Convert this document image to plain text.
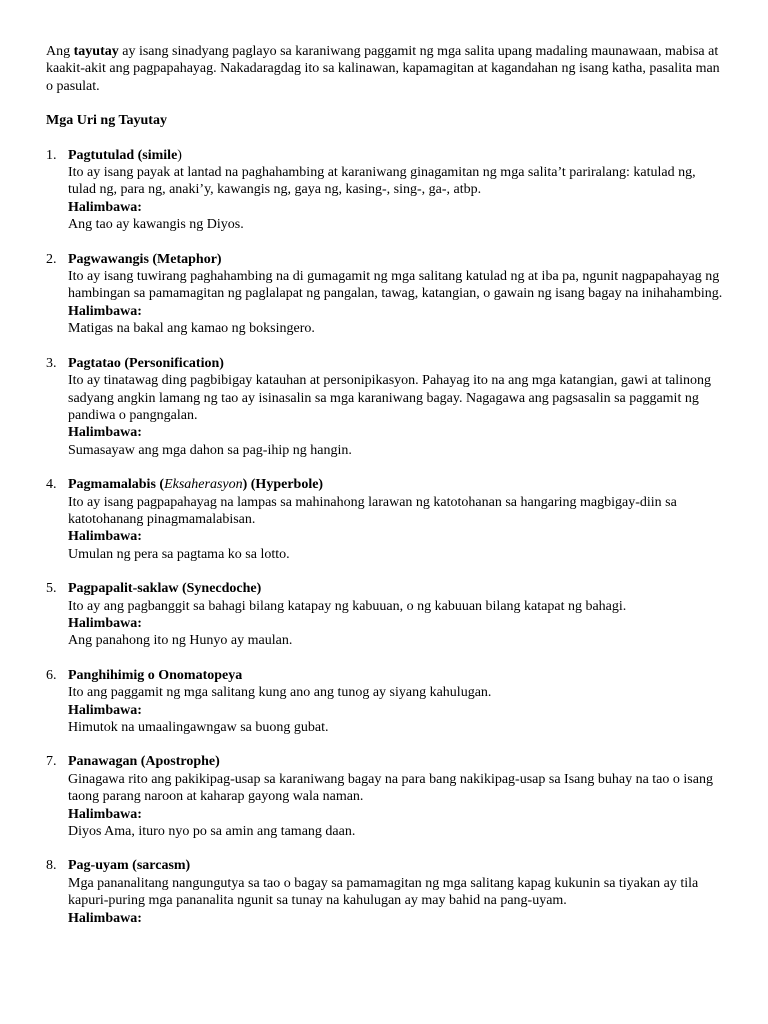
Ang tayutay ay isang sinadyang paglayo sa karaniwang paggamit ng mga salita upang madaling maunawaan, mabisa at kaakit-akit ang pagpapahayag. Nakadaragdag ito sa kalinawan, kapamagitan at kagandahan ng isang katha, pasalita man o pasulat.

Mga Uri ng Tayutay
1. Pagtutulad (simile)
Ito ay isang payak at lantad na paghahambing at karaniwang ginagamitan ng mga salita’t pariralang: katulad ng, tulad ng, para ng, anaki’y, kawangis ng, gaya ng, kasing-, sing-, ga-, atbp.
Halimbawa:
Ang tao ay kawangis ng Diyos.
2. Pagwawangis (Metaphor)
Ito ay isang tuwirang paghahambing na di gumagamit ng mga salitang katulad ng at iba pa, ngunit nagpapahayag ng hambingan sa pamamagitan ng paglalapat ng pangalan, tawag, katangian, o gawain ng isang bagay na inihahambing.
Halimbawa:
Matigas na bakal ang kamao ng boksingero.
3. Pagtatao (Personification)
Ito ay tinatawag ding pagbibigay katauhan at personipikasyon. Pahayag ito na ang mga katangian, gawi at talinong sadyang angkin lamang ng tao ay isinasalin sa mga karaniwang bagay. Nagagawa ang pagsasalin sa paggamit ng pandiwa o pangngalan.
Halimbawa:
Sumasayaw ang mga dahon sa pag-ihip ng hangin.
4. Pagmamalabis (Eksaherasyon) (Hyperbole)
Ito ay isang pagpapahayag na lampas sa mahinahong larawan ng katotohanan sa hangaring magbigay-diin sa katotohanang pinagmamalabisan.
Halimbawa:
Umulan ng pera sa pagtama ko sa lotto.
5. Pagpapalit-saklaw (Synecdoche)
Ito ay ang pagbanggit sa bahagi bilang katapay ng kabuuan, o ng kabuuan bilang katapat ng bahagi.
Halimbawa:
Ang panahong ito ng Hunyo ay maulan.
6. Panghihimig o Onomatopeya
Ito ang paggamit ng mga salitang kung ano ang tunog ay siyang kahulugan.
Halimbawa:
Himutok na umaalingawngaw sa buong gubat.
7. Panawagan (Apostrophe)
Ginagawa rito ang pakikipag-usap sa karaniwang bagay na para bang nakikipag-usap sa Isang buhay na tao o isang taong parang naroon at kaharap gayong wala naman.
Halimbawa:
Diyos Ama, ituro nyo po sa amin ang tamang daan.
8. Pag-uyam (sarcasm)
Mga pananalitang nangungutya sa tao o bagay sa pamamagitan ng mga salitang kapag kukunin sa tiyakan ay tila kapuri-puring mga pananalita ngunit sa tunay na kahulugan ay may bahid na pang-uyam.
Halimbawa:
